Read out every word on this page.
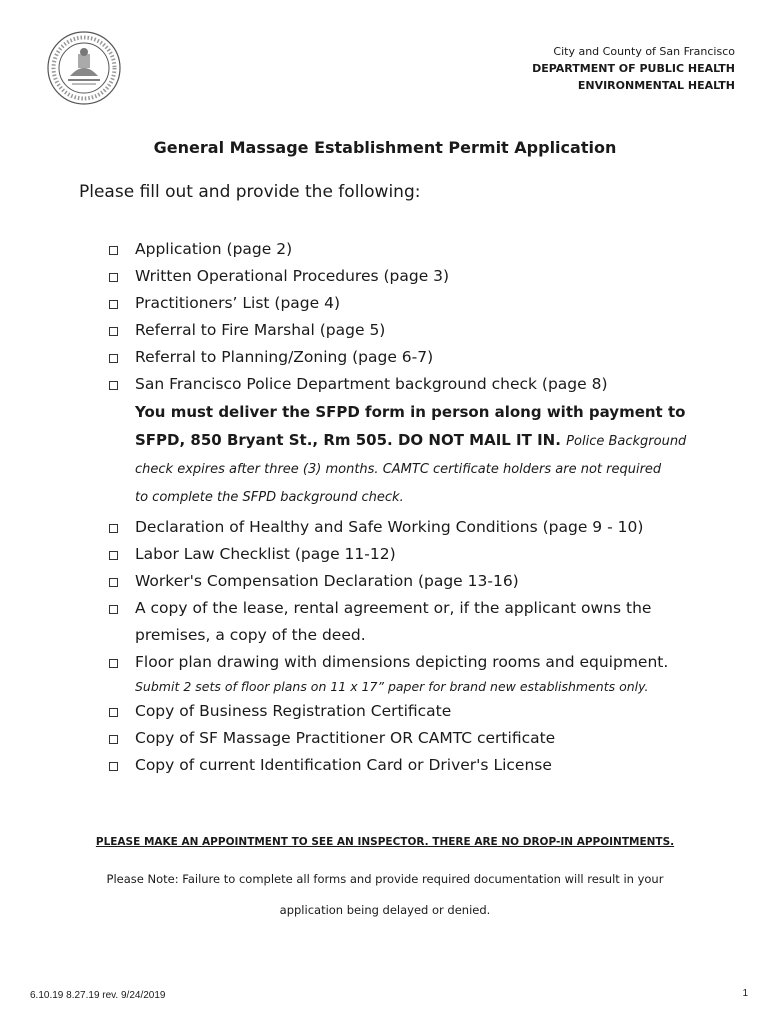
City and County of San Francisco
DEPARTMENT OF PUBLIC HEALTH
ENVIRONMENTAL HEALTH
General Massage Establishment Permit Application
Please fill out and provide the following:
Application (page 2)
Written Operational Procedures (page 3)
Practitioners’ List (page 4)
Referral to Fire Marshal (page 5)
Referral to Planning/Zoning (page 6-7)
San Francisco Police Department background check (page 8)
You must deliver the SFPD form in person along with payment to
SFPD, 850 Bryant St., Rm 505. DO NOT MAIL IT IN. Police Background
check expires after three (3) months. CAMTC certificate holders are not required
to complete the SFPD background check.
Declaration of Healthy and Safe Working Conditions (page 9 - 10)
Labor Law Checklist (page 11-12)
Worker's Compensation Declaration (page 13-16)
A copy of the lease, rental agreement or, if the applicant owns the premises, a copy of the deed.
Floor plan drawing with dimensions depicting rooms and equipment.
Submit 2 sets of floor plans on 11 x 17” paper for brand new establishments only.
Copy of Business Registration Certificate
Copy of SF Massage Practitioner OR CAMTC certificate
Copy of current Identification Card or Driver's License
PLEASE MAKE AN APPOINTMENT TO SEE AN INSPECTOR. THERE ARE NO DROP-IN APPOINTMENTS.
Please Note: Failure to complete all forms and provide required documentation will result in your
application being delayed or denied.
6.10.19 8.27.19 rev. 9/24/2019	1
